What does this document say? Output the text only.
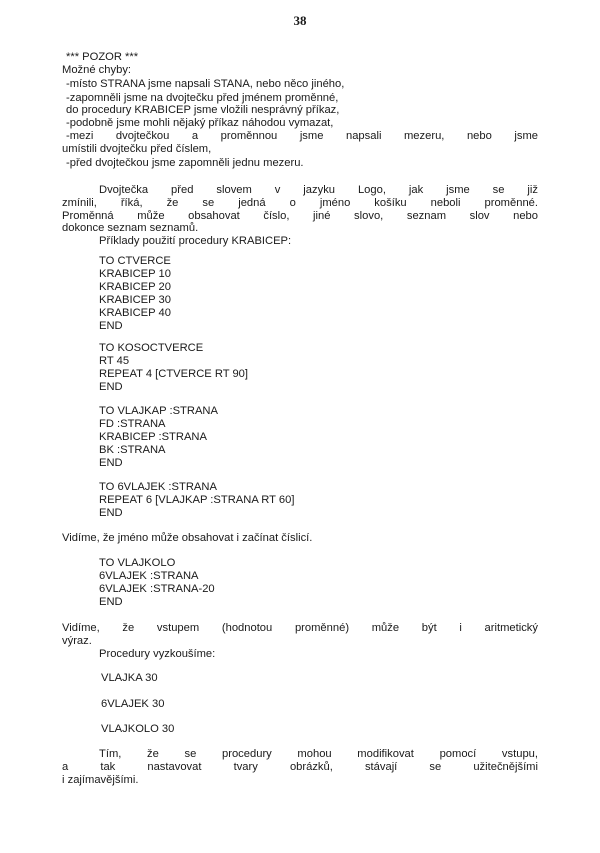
38
*** POZOR ***
Možné chyby:
-místo STRANA jsme napsali STANA, nebo něco jiného,
-zapomněli jsme na dvojtečku před jménem proměnné,
do procedury KRABICEP jsme vložili nesprávný příkaz,
-podobně jsme mohli nějaký příkaz náhodou vymazat,
-mezi dvojtečkou a proměnnou jsme napsali mezeru, nebo jsme
umístili dvojtečku před číslem,
-před dvojtečkou jsme zapomněli jednu mezeru.
Dvojtečka před slovem v jazyku Logo, jak jsme se již
zmínili, říká, že se jedná o jméno košíku neboli proměnné.
Proměnná může obsahovat číslo, jiné slovo, seznam slov nebo
dokonce seznam seznamů.
Příklady použití procedury KRABICEP:
TO CTVERCE
KRABICEP 10
KRABICEP 20
KRABICEP 30
KRABICEP 40
END
TO KOSOCTVERCE
RT 45
REPEAT 4 [CTVERCE RT 90]
END
TO VLAJKAP :STRANA
FD :STRANA
KRABICEP :STRANA
BK :STRANA
END
TO 6VLAJEK :STRANA
REPEAT 6 [VLAJKAP :STRANA RT 60]
END
Vidíme, že jméno může obsahovat i začínat číslicí.
TO VLAJKOLO
6VLAJEK :STRANA
6VLAJEK :STRANA-20
END
Vidíme, že vstupem (hodnotou proměnné) může být i aritmetický
výraz.
Procedury vyzkoušíme:
VLAJKA 30
6VLAJEK 30
VLAJKOLO 30
Tím, že se procedury mohou modifikovat pomocí vstupu,
a tak nastavovat tvary obrázků, stávají se užitečnějšími
i zajímavějšími.
